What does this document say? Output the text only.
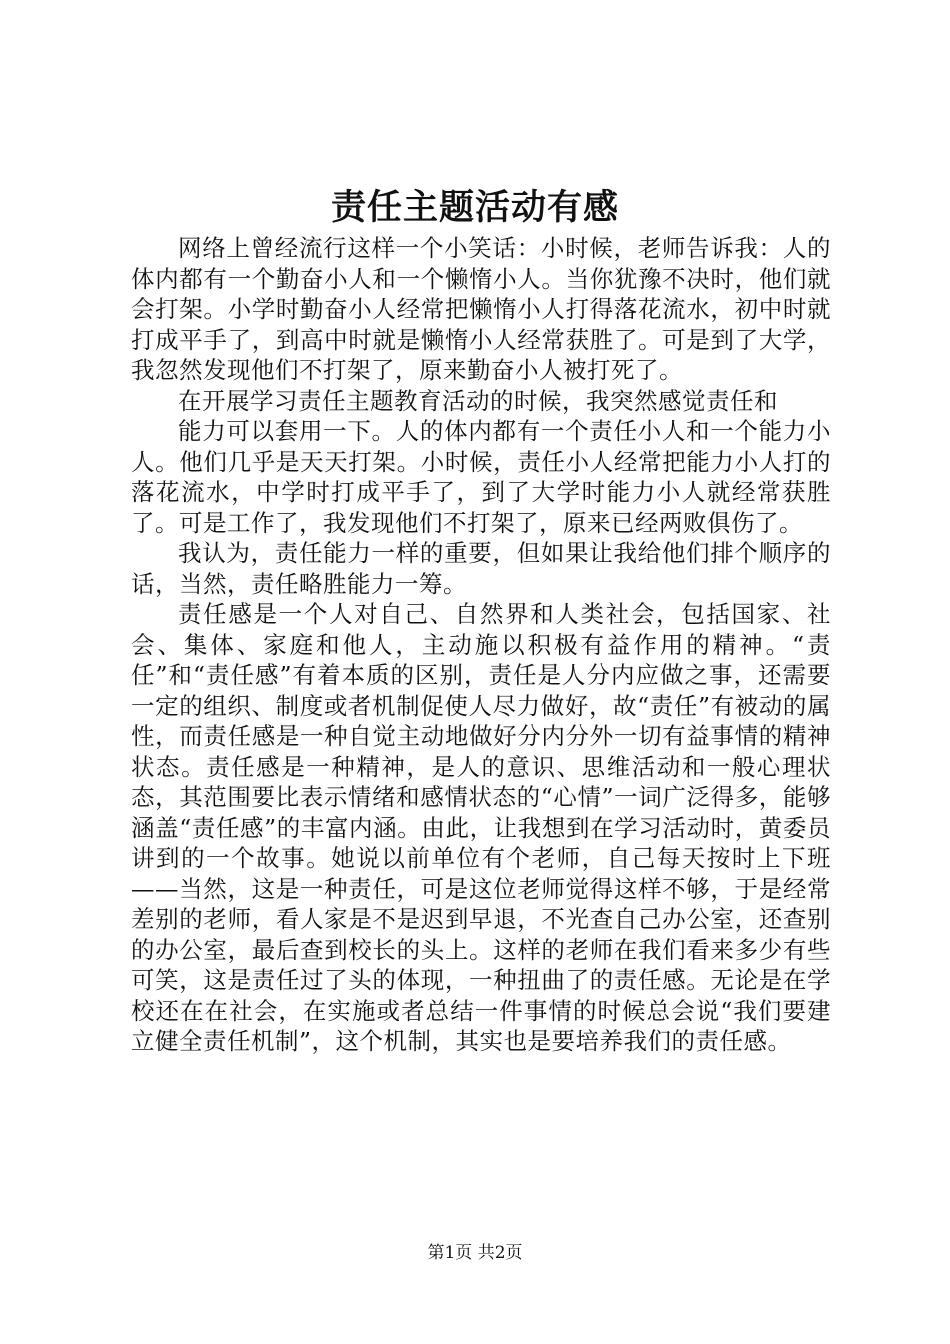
责任主题活动有感

网络上曾经流行这样一个小笑话：小时候，老师告诉我：人的体内都有一个勤奋小人和一个懒惰小人。当你犹豫不决时，他们就会打架。小学时勤奋小人经常把懒惰小人打得落花流水，初中时就打成平手了，到高中时就是懒惰小人经常获胜了。可是到了大学，我忽然发现他们不打架了，原来勤奋小人被打死了。

在开展学习责任主题教育活动的时候，我突然感觉责任和

能力可以套用一下。人的体内都有一个责任小人和一个能力小人。他们几乎是天天打架。小时候，责任小人经常把能力小人打的落花流水，中学时打成平手了，到了大学时能力小人就经常获胜了。可是工作了，我发现他们不打架了，原来已经两败俱伤了。

我认为，责任能力一样的重要，但如果让我给他们排个顺序的话，当然，责任略胜能力一筹。

责任感是一个人对自己、自然界和人类社会，包括国家、社会、集体、家庭和他人，主动施以积极有益作用的精神。“责任”和“责任感”有着本质的区别，责任是人分内应做之事，还需要一定的组织、制度或者机制促使人尽力做好，故“责任”有被动的属性，而责任感是一种自觉主动地做好分内分外一切有益事情的精神状态。责任感是一种精神，是人的意识、思维活动和一般心理状态，其范围要比表示情绪和感情状态的“心情”一词广泛得多，能够涵盖“责任感”的丰富内涵。由此，让我想到在学习活动时，黄委员讲到的一个故事。她说以前单位有个老师，自己每天按时上下班——当然，这是一种责任，可是这位老师觉得这样不够，于是经常差别的老师，看人家是不是迟到早退，不光查自己办公室，还查别的办公室，最后查到校长的头上。这样的老师在我们看来多少有些可笑，这是责任过了头的体现，一种扭曲了的责任感。无论是在学校还在在社会，在实施或者总结一件事情的时候总会说“我们要建立健全责任机制”，这个机制，其实也是要培养我们的责任感。

第1页 共2页
